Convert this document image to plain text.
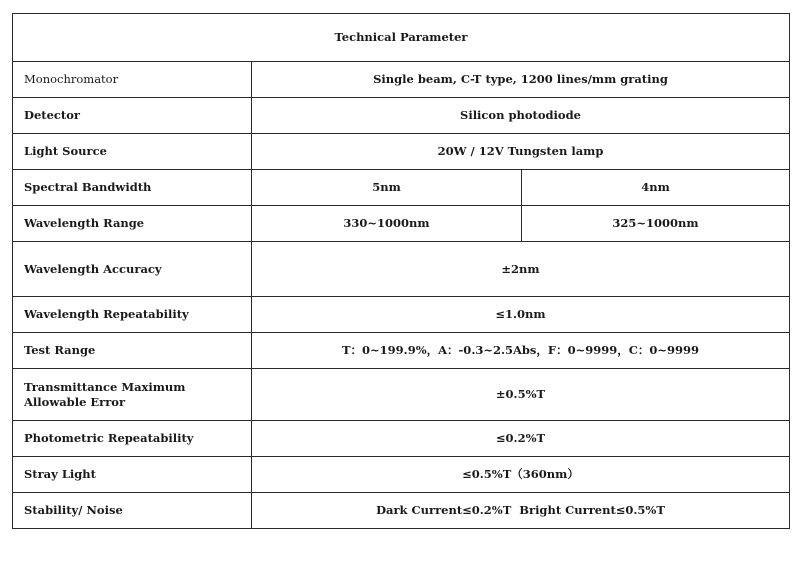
Technical Parameter		
Monochromator	Single beam, C-T type, 1200 lines/mm grating	
Detector	Silicon photodiode	
Light Source	20W / 12V Tungsten lamp	
Spectral Bandwidth	5nm	4nm
Wavelength Range	330~1000nm	325~1000nm
Wavelength Accuracy	±2nm	
Wavelength Repeatability	≤1.0nm	
Test Range	T：0~199.9%，A：-0.3~2.5Abs，F：0~9999，C：0~9999	
Transmittance Maximum Allowable Error	±0.5%T	
Photometric Repeatability	≤0.2%T	
Stray Light	≤0.5%T（360nm）	
Stability/ Noise	Dark Current≤0.2%T  Bright Current≤0.5%T	
